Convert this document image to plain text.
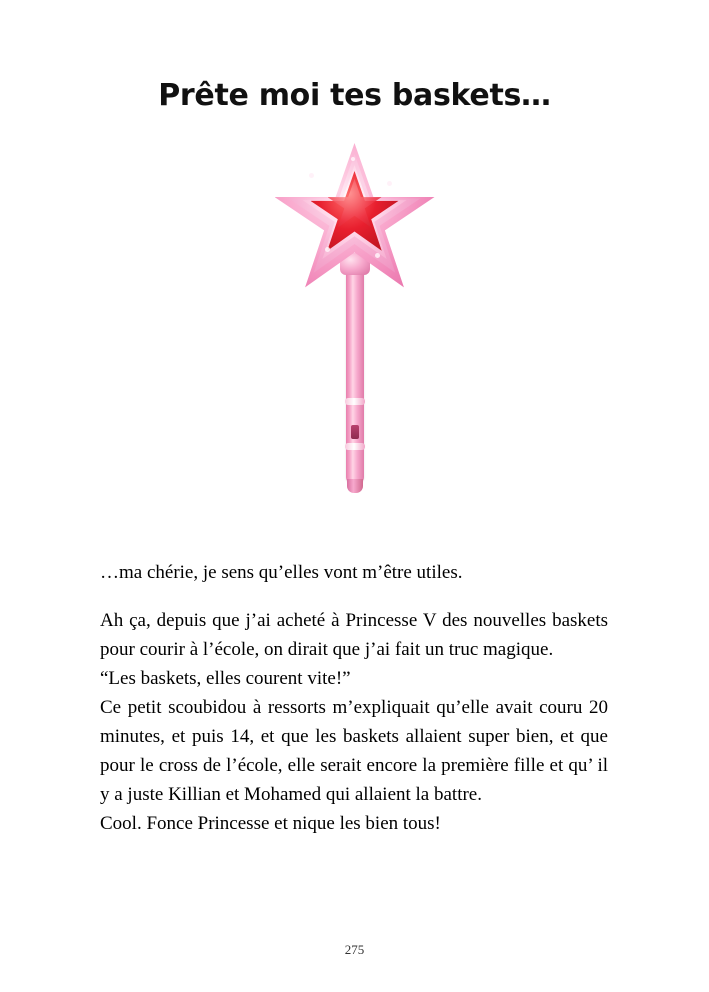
Prête moi tes baskets…

…ma chérie, je sens qu’elles vont m’être utiles.

Ah ça, depuis que j’ai acheté à Princesse V des nouvelles baskets pour courir à l’école, on dirait que j’ai fait un truc magique.

“Les baskets, elles courent vite!”

Ce petit scoubidou à ressorts m’expliquait qu’elle avait couru 20 minutes, et puis 14, et que les baskets allaient super bien, et que pour le cross de l’école, elle serait encore la première fille et qu’ il y a juste Killian et Mohamed qui allaient la battre.

Cool. Fonce Princesse et nique les bien tous!

275
